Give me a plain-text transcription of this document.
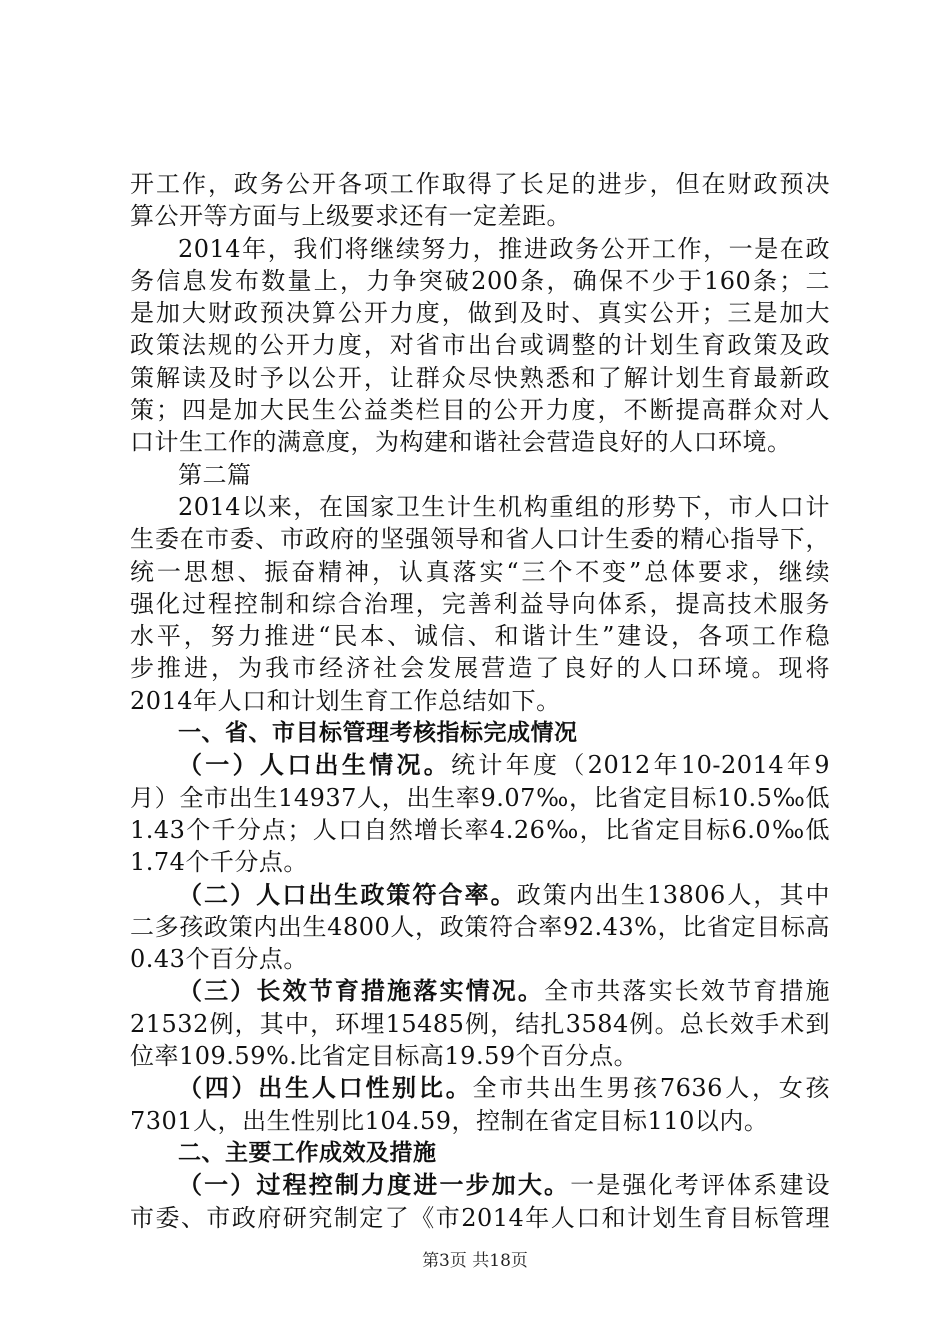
开工作，政务公开各项工作取得了长足的进步，但在财政预决
算公开等方面与上级要求还有一定差距。
2014年，我们将继续努力，推进政务公开工作，一是在政
务信息发布数量上，力争突破200条，确保不少于160条；二
是加大财政预决算公开力度，做到及时、真实公开；三是加大
政策法规的公开力度，对省市出台或调整的计划生育政策及政
策解读及时予以公开，让群众尽快熟悉和了解计划生育最新政
策；四是加大民生公益类栏目的公开力度，不断提高群众对人
口计生工作的满意度，为构建和谐社会营造良好的人口环境。
第二篇
2014以来，在国家卫生计生机构重组的形势下，市人口计
生委在市委、市政府的坚强领导和省人口计生委的精心指导下，
统一思想、振奋精神，认真落实“三个不变”总体要求，继续
强化过程控制和综合治理，完善利益导向体系，提高技术服务
水平，努力推进“民本、诚信、和谐计生”建设，各项工作稳
步推进，为我市经济社会发展营造了良好的人口环境。现将
2014年人口和计划生育工作总结如下。
一、省、市目标管理考核指标完成情况
（一）人口出生情况。统计年度（2012年10-2014年9
月）全市出生14937人，出生率9.07‰，比省定目标10.5‰低
1.43个千分点；人口自然增长率4.26‰，比省定目标6.0‰低
1.74个千分点。
（二）人口出生政策符合率。政策内出生13806人，其中
二多孩政策内出生4800人，政策符合率92.43%，比省定目标高
0.43个百分点。
（三）长效节育措施落实情况。全市共落实长效节育措施
21532例，其中，环埋15485例，结扎3584例。总长效手术到
位率109.59%.比省定目标高19.59个百分点。
（四）出生人口性别比。全市共出生男孩7636人，女孩
7301人，出生性别比104.59，控制在省定目标110以内。
二、主要工作成效及措施
（一）过程控制力度进一步加大。一是强化考评体系建设
市委、市政府研究制定了《市2014年人口和计划生育目标管理
第3页 共18页
